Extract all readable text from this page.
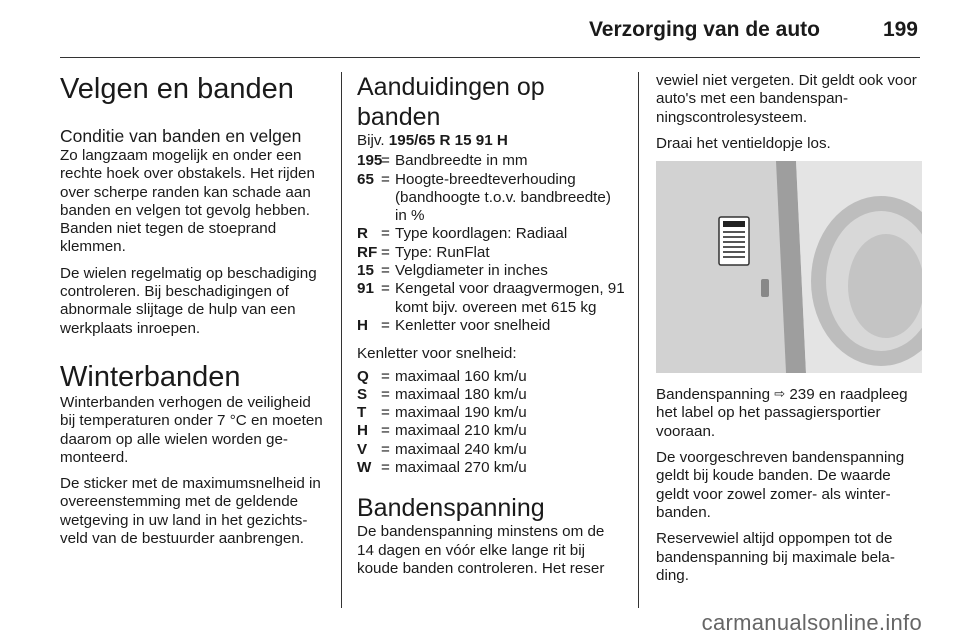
Verzorging van de auto	199
Velgen en banden
Conditie van banden en velgen

Zo langzaam mogelijk en onder een rechte hoek over obstakels. Het rijden over scherpe randen kan schade aan banden en velgen tot gevolg hebben. Banden niet tegen de stoeprand klemmen.

De wielen regelmatig op beschadiging controleren. Bij beschadigingen of abnormale slijtage de hulp van een werkplaats inroepen.

Winterbanden

Winterbanden verhogen de veiligheid bij temperaturen onder 7 °C en moeten daarom op alle wielen worden gemonteerd.

De sticker met de maximumsnelheid in overeenstemming met de geldende wetgeving in uw land in het gezichtsveld van de bestuurder aanbrengen.

Aanduidingen op banden

Bijv. 195/65 R 15 91 H

195
= Bandbreedte in mm
65 = Hoogte-breedteverhouding (bandhoogte t.o.v. bandbreedte) in %
R = Type koordlagen: Radiaal
RF = Type: RunFlat
15 = Velgdiameter in inches
91 = Kengetal voor draagvermogen, 91 komt bijv. overeen met 615 kg
H = Kenletter voor snelheid

Kenletter voor snelheid:

Q = maximaal 160 km/u
S = maximaal 180 km/u
T = maximaal 190 km/u
H = maximaal 210 km/u
V = maximaal 240 km/u
W = maximaal 270 km/u
Bandenspanning

De bandenspanning minstens om de 14 dagen en vóór elke lange rit bij koude banden controleren. Het reser

vewiel niet vergeten. Dit geldt ook voor auto's met een bandenspanningscontrolesysteem.

Draai het ventieldopje los.

Bandenspanning ⇨ 239 en raadpleeg het label op het passagiersportier vooraan.

De voorgeschreven bandenspanning geldt bij koude banden. De waarde geldt voor zowel zomer- als winterbanden.

Reservewiel altijd oppompen tot de bandenspanning bij maximale belading.

carmanualsonline.info
